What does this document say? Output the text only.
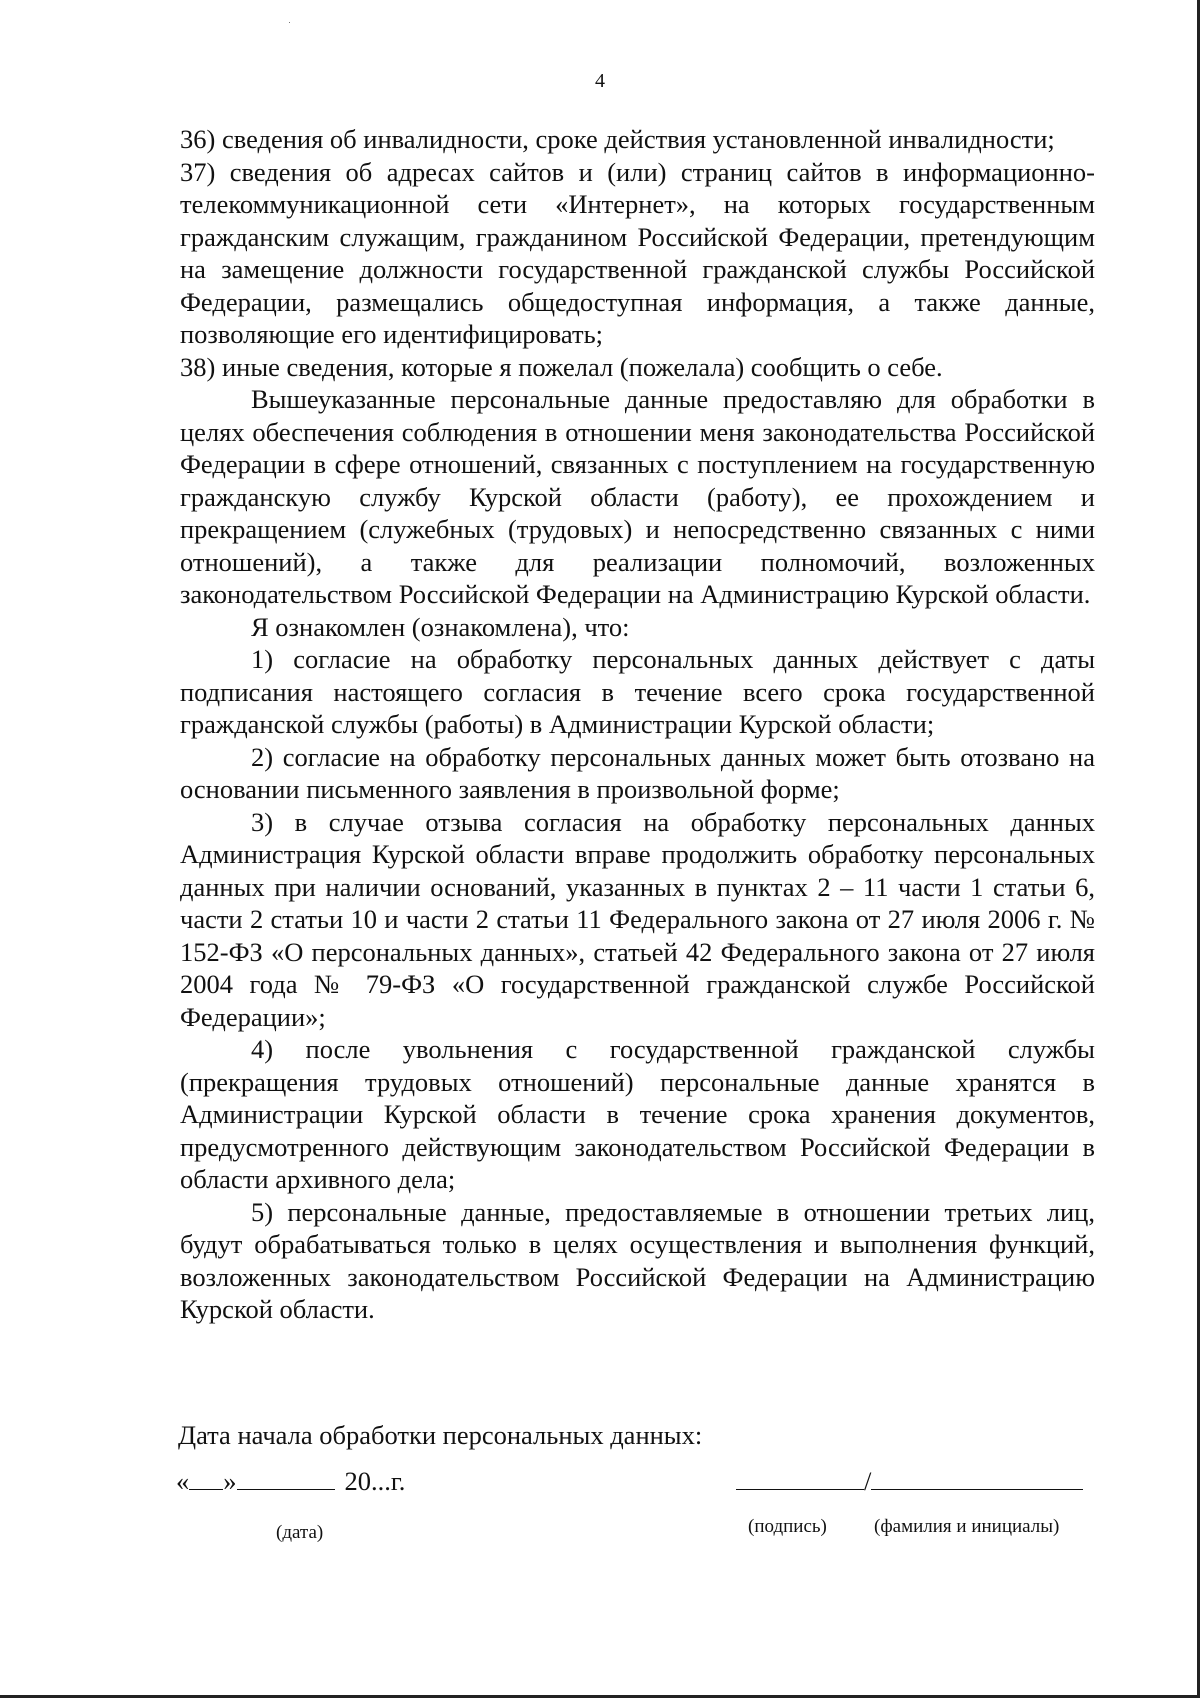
4

36) сведения об инвалидности, сроке действия установленной инвалидности;

37) сведения об адресах сайтов и (или) страниц сайтов в информационно-телекоммуникационной сети «Интернет», на которых государственным гражданским служащим, гражданином Российской Федерации, претендующим на замещение должности государственной гражданской службы Российской Федерации, размещались общедоступная информация, а также данные, позволяющие его идентифицировать;

38) иные сведения, которые я пожелал (пожелала) сообщить о себе.

Вышеуказанные персональные данные предоставляю для обработки в целях обеспечения соблюдения в отношении меня законодательства Российской Федерации в сфере отношений, связанных с поступлением на государственную гражданскую службу Курской области (работу), ее прохождением и прекращением (служебных (трудовых) и непосредственно связанных с ними отношений), а также для реализации полномочий, возложенных законодательством Российской Федерации на Администрацию Курской области.

Я ознакомлен (ознакомлена), что:

1) согласие на обработку персональных данных действует с даты подписания настоящего согласия в течение всего срока государственной гражданской службы (работы) в Администрации Курской области;

2) согласие на обработку персональных данных может быть отозвано на основании письменного заявления в произвольной форме;

3) в случае отзыва согласия на обработку персональных данных Администрация Курской области вправе продолжить обработку персональных данных при наличии оснований, указанных в пунктах 2 – 11 части 1 статьи 6, части 2 статьи 10 и части 2 статьи 11 Федерального закона от 27 июля 2006 г. № 152-ФЗ «О персональных данных», статьей 42 Федерального закона от 27 июля 2004 года № 79-ФЗ «О государственной гражданской службе Российской Федерации»;

4) после увольнения с государственной гражданской службы (прекращения трудовых отношений) персональные данные хранятся в Администрации Курской области в течение срока хранения документов, предусмотренного действующим законодательством Российской Федерации в области архивного дела;

5) персональные данные, предоставляемые в отношении третьих лиц, будут обрабатываться только в целях осуществления и выполнения функций, возложенных законодательством Российской Федерации на Администрацию Курской области.

Дата начала обработки персональных данных:
« »	20...г.	/
(дата)	(подпись) (фамилия и инициалы)
